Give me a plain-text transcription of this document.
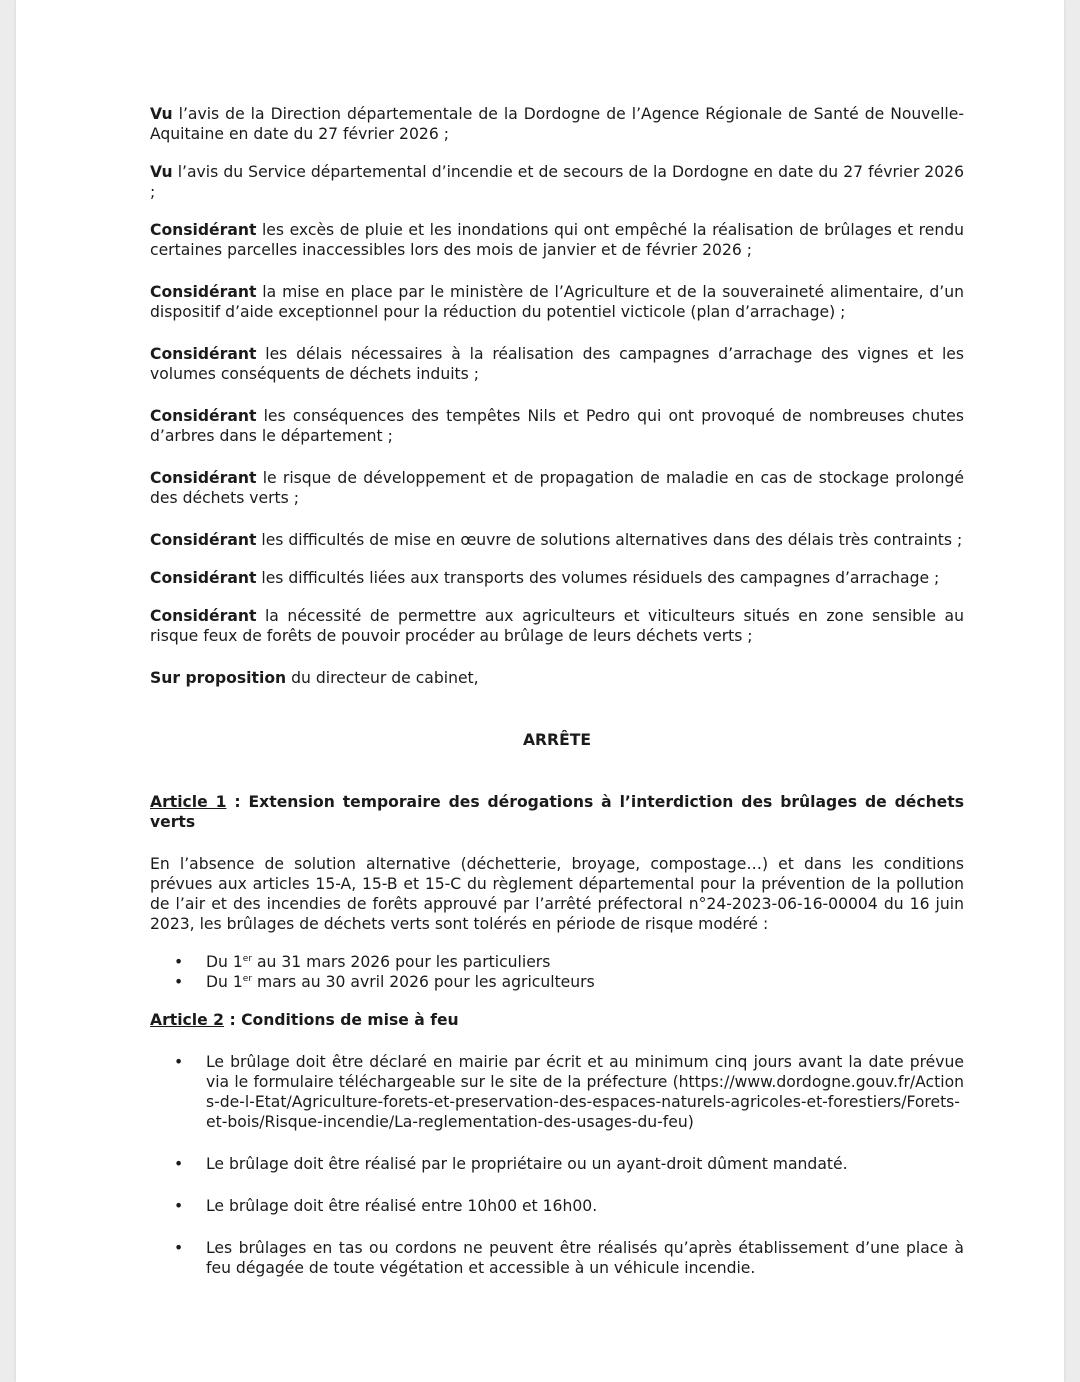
Vu l’avis de la Direction départementale de la Dordogne de l’Agence Régionale de Santé de Nouvelle-Aquitaine en date du 27 février 2026 ;

Vu l’avis du Service départemental d’incendie et de secours de la Dordogne en date du 27 février 2026 ;

Considérant les excès de pluie et les inondations qui ont empêché la réalisation de brûlages et rendu certaines parcelles inaccessibles lors des mois de janvier et de février 2026 ;

Considérant la mise en place par le ministère de l’Agriculture et de la souveraineté alimentaire, d’un dispositif d’aide exceptionnel pour la réduction du potentiel victicole (plan d’arrachage) ;

Considérant les délais nécessaires à la réalisation des campagnes d’arrachage des vignes et les volumes conséquents de déchets induits ;

Considérant les conséquences des tempêtes Nils et Pedro qui ont provoqué de nombreuses chutes d’arbres dans le département ;

Considérant le risque de développement et de propagation de maladie en cas de stockage prolongé des déchets verts ;

Considérant les difficultés de mise en œuvre de solutions alternatives dans des délais très contraints ;

Considérant les difficultés liées aux transports des volumes résiduels des campagnes d’arrachage ;

Considérant la nécessité de permettre aux agriculteurs et viticulteurs situés en zone sensible au risque feux de forêts de pouvoir procéder au brûlage de leurs déchets verts ;

Sur proposition du directeur de cabinet,

ARRÊTE

Article 1 : Extension temporaire des dérogations à l’interdiction des brûlages de déchets verts

En l’absence de solution alternative (déchetterie, broyage, compostage…) et dans les conditions prévues aux articles 15-A, 15-B et 15-C du règlement départemental pour la prévention de la pollution de l’air et des incendies de forêts approuvé par l’arrêté préfectoral n°24-2023-06-16-00004 du 16 juin 2023, les brûlages de déchets verts sont tolérés en période de risque modéré :

• Du 1er au 31 mars 2026 pour les particuliers
• Du 1er mars au 30 avril 2026 pour les agriculteurs

Article 2 : Conditions de mise à feu

• Le brûlage doit être déclaré en mairie par écrit et au minimum cinq jours avant la date prévue via le formulaire téléchargeable sur le site de la préfecture (https://www.dordogne.gouv.fr/Actions-de-l-Etat/Agriculture-forets-et-preservation-des-espaces-naturels-agricoles-et-forestiers/Forets-et-bois/Risque-incendie/La-reglementation-des-usages-du-feu)
• Le brûlage doit être réalisé par le propriétaire ou un ayant-droit dûment mandaté.
• Le brûlage doit être réalisé entre 10h00 et 16h00.
• Les brûlages en tas ou cordons ne peuvent être réalisés qu’après établissement d’une place à feu dégagée de toute végétation et accessible à un véhicule incendie.
